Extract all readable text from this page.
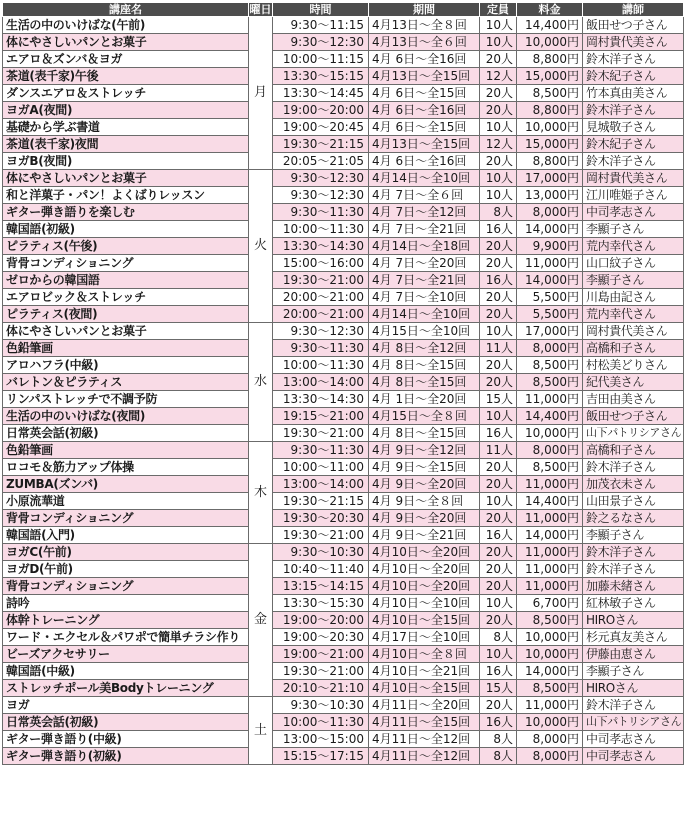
講座名	曜日	時間	期間	定員	料金	講師
生活の中のいけばな(午前)	月	9:30～11:15	4月13日～全８回	10人	14,400円	飯田せつ子さん
体にやさしいパンとお菓子		9:30～12:30	4月13日～全６回	10人	10,000円	岡村貴代美さん
エアロ＆ズンバ＆ヨガ		10:00～11:15	4月 6日～全16回	20人	8,800円	鈴木洋子さん
茶道(表千家)午後		13:30～15:15	4月13日～全15回	12人	15,000円	鈴木紀子さん
ダンスエアロ＆ストレッチ		13:30～14:45	4月 6日～全15回	20人	8,500円	竹本真由美さん
ヨガA(夜間)		19:00～20:00	4月 6日～全16回	20人	8,800円	鈴木洋子さん
基礎から学ぶ書道		19:00～20:45	4月 6日～全15回	10人	10,000円	見城敬子さん
茶道(表千家)夜間		19:30～21:15	4月13日～全15回	12人	15,000円	鈴木紀子さん
ヨガB(夜間)		20:05～21:05	4月 6日～全16回	20人	8,800円	鈴木洋子さん
体にやさしいパンとお菓子	火	9:30～12:30	4月14日～全10回	10人	17,000円	岡村貴代美さん
和と洋菓子・パン！よくばりレッスン		9:30～12:30	4月 7日～全６回	10人	13,000円	江川唯姫子さん
ギター弾き語りを楽しむ		9:30～11:30	4月 7日～全12回	8人	8,000円	中司孝志さん
韓国語(初級)		10:00～11:30	4月 7日～全21回	16人	14,000円	李顯子さん
ピラティス(午後)		13:30～14:30	4月14日～全18回	20人	9,900円	荒内幸代さん
背骨コンディショニング		15:00～16:00	4月 7日～全20回	20人	11,000円	山口紋子さん
ゼロからの韓国語		19:30～21:00	4月 7日～全21回	16人	14,000円	李顯子さん
エアロビック＆ストレッチ		20:00～21:00	4月 7日～全10回	20人	5,500円	川島由記さん
ピラティス(夜間)		20:00～21:00	4月14日～全10回	20人	5,500円	荒内幸代さん
体にやさしいパンとお菓子	水	9:30～12:30	4月15日～全10回	10人	17,000円	岡村貴代美さん
色鉛筆画		9:30～11:30	4月 8日～全12回	11人	8,000円	高橋和子さん
アロハフラ(中級)		10:00～11:30	4月 8日～全15回	20人	8,500円	村松美どりさん
バレトン＆ピラティス		13:00～14:00	4月 8日～全15回	20人	8,500円	紀代美さん
リンパストレッチで不調予防		13:30～14:30	4月 1日～全20回	15人	11,000円	吉田由美さん
生活の中のいけばな(夜間)		19:15～21:00	4月15日～全８回	10人	14,400円	飯田せつ子さん
日常英会話(初級)		19:30～21:00	4月 8日～全15回	16人	10,000円	山下パトリシアさん
色鉛筆画	木	9:30～11:30	4月 9日～全12回	11人	8,000円	高橋和子さん
ロコモ＆筋力アップ体操		10:00～11:00	4月 9日～全15回	20人	8,500円	鈴木洋子さん
ZUMBA(ズンバ)		13:00～14:00	4月 9日～全20回	20人	11,000円	加茂衣未さん
小原流華道		19:30～21:15	4月 9日～全８回	10人	14,400円	山田景子さん
背骨コンディショニング		19:30～20:30	4月 9日～全20回	20人	11,000円	鈴之るなさん
韓国語(入門)		19:30～21:00	4月 9日～全21回	16人	14,000円	李顯子さん
ヨガC(午前)	金	9:30～10:30	4月10日～全20回	20人	11,000円	鈴木洋子さん
ヨガD(午前)		10:40～11:40	4月10日～全20回	20人	11,000円	鈴木洋子さん
背骨コンディショニング		13:15～14:15	4月10日～全20回	20人	11,000円	加藤未緒さん
詩吟		13:30～15:30	4月10日～全10回	10人	6,700円	紅林敏子さん
体幹トレーニング		19:00～20:00	4月10日～全15回	20人	8,500円	HIROさん
ワード・エクセル＆パワポで簡単チラシ作り		19:00～20:30	4月17日～全10回	8人	10,000円	杉元真友美さん
ビーズアクセサリー		19:00～21:00	4月10日～全８回	10人	10,000円	伊藤由恵さん
韓国語(中級)		19:30～21:00	4月10日～全21回	16人	14,000円	李顯子さん
ストレッチポール美Bodyトレーニング		20:10～21:10	4月10日～全15回	15人	8,500円	HIROさん
ヨガ	土	9:30～10:30	4月11日～全20回	20人	11,000円	鈴木洋子さん
日常英会話(初級)		10:00～11:30	4月11日～全15回	16人	10,000円	山下パトリシアさん
ギター弾き語り(中級)		13:00～15:00	4月11日～全12回	8人	8,000円	中司孝志さん
ギター弾き語り(初級)		15:15～17:15	4月11日～全12回	8人	8,000円	中司孝志さん
